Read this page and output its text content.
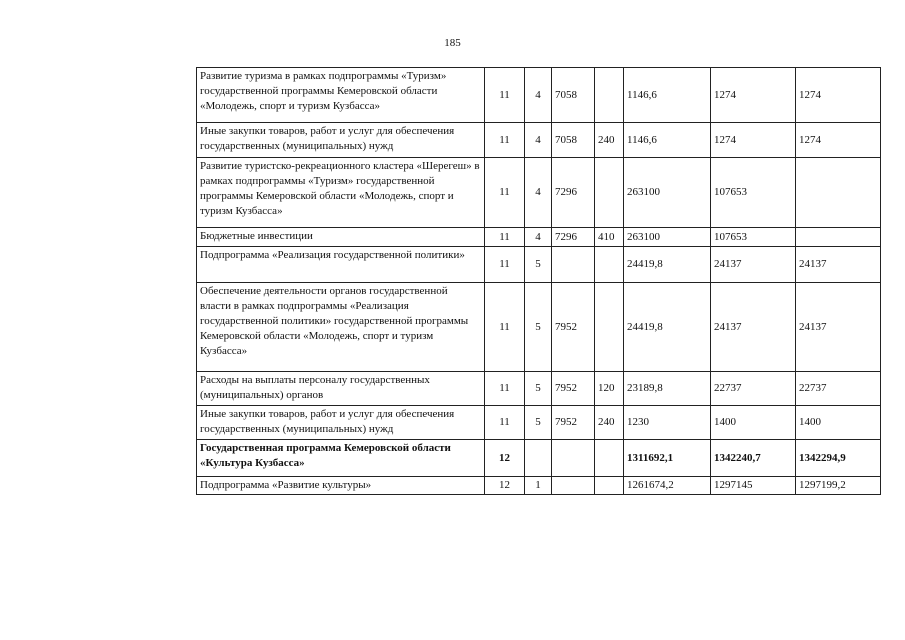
185
Развитие туризма в рамках подпрограммы «Туризм» государственной программы Кемеровской области «Молодежь, спорт и туризм Кузбасса»	11	4	7058		1146,6	1274	1274
Иные закупки товаров, работ и услуг для обеспечения государственных (муниципальных) нужд	11	4	7058	240	1146,6	1274	1274
Развитие туристско-рекреационного кластера «Шерегеш» в рамках подпрограммы «Туризм» государственной программы Кемеровской области «Молодежь, спорт и туризм Кузбасса»	11	4	7296		263100	107653	
Бюджетные инвестиции	11	4	7296	410	263100	107653	
Подпрограмма «Реализация государственной политики»	11	5			24419,8	24137	24137
Обеспечение деятельности органов государственной власти в рамках подпрограммы «Реализация государственной политики» государственной программы Кемеровской области «Молодежь, спорт и туризм Кузбасса»	11	5	7952		24419,8	24137	24137
Расходы на выплаты персоналу государственных (муниципальных) органов	11	5	7952	120	23189,8	22737	22737
Иные закупки товаров, работ и услуг для обеспечения государственных (муниципальных) нужд	11	5	7952	240	1230	1400	1400
Государственная программа Кемеровской области «Культура Кузбасса»	12				1311692,1	1342240,7	1342294,9
Подпрограмма «Развитие культуры»	12	1			1261674,2	1297145	1297199,2
